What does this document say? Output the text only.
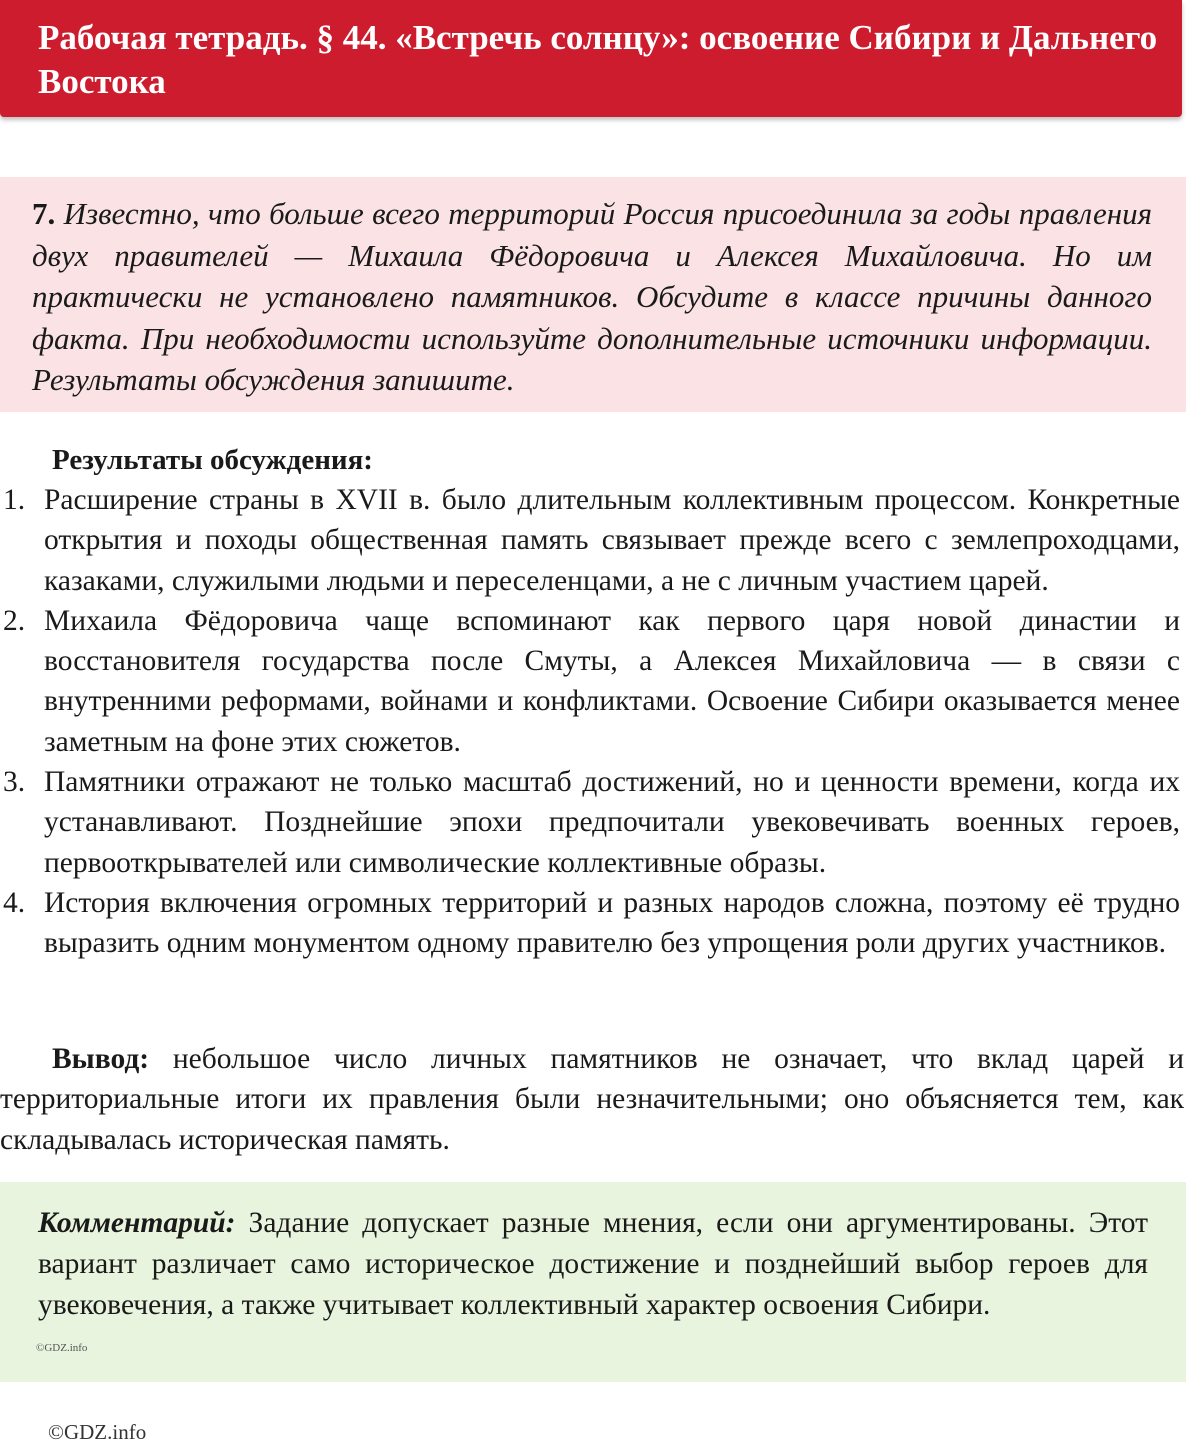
Рабочая тетрадь. § 44. «Встречь солнцу»: освоение Сибири и Дальнего Востока
7. Известно, что больше всего территорий Россия присоединила за годы правления двух правителей — Михаила Фёдоровича и Алексея Михайловича. Но им практически не установлено памятников. Обсудите в классе причины данного факта. При необходимости используйте дополнительные источники информации. Результаты обсуждения запишите.
Результаты обсуждения:
1. Расширение страны в XVII в. было длительным коллективным процессом. Конкретные открытия и походы общественная память связывает прежде всего с землепроходцами, казаками, служилыми людьми и переселенцами, а не с личным участием царей.
2. Михаила Фёдоровича чаще вспоминают как первого царя новой династии и восстановителя государства после Смуты, а Алексея Михайловича — в связи с внутренними реформами, войнами и конфликтами. Освоение Сибири оказывается менее заметным на фоне этих сюжетов.
3. Памятники отражают не только масштаб достижений, но и ценности времени, когда их устанавливают. Позднейшие эпохи предпочитали увековечивать военных героев, первооткрывателей или символические коллективные образы.
4. История включения огромных территорий и разных народов сложна, поэтому её трудно выразить одним монументом одному правителю без упрощения роли других участников.
Вывод: небольшое число личных памятников не означает, что вклад царей и территориальные итоги их правления были незначительными; оно объясняется тем, как складывалась историческая память.
Комментарий: Задание допускает разные мнения, если они аргументированы. Этот вариант различает само историческое достижение и позднейший выбор героев для увековечения, а также учитывает коллективный характер освоения Сибири.
©GDZ.info
©GDZ.info
